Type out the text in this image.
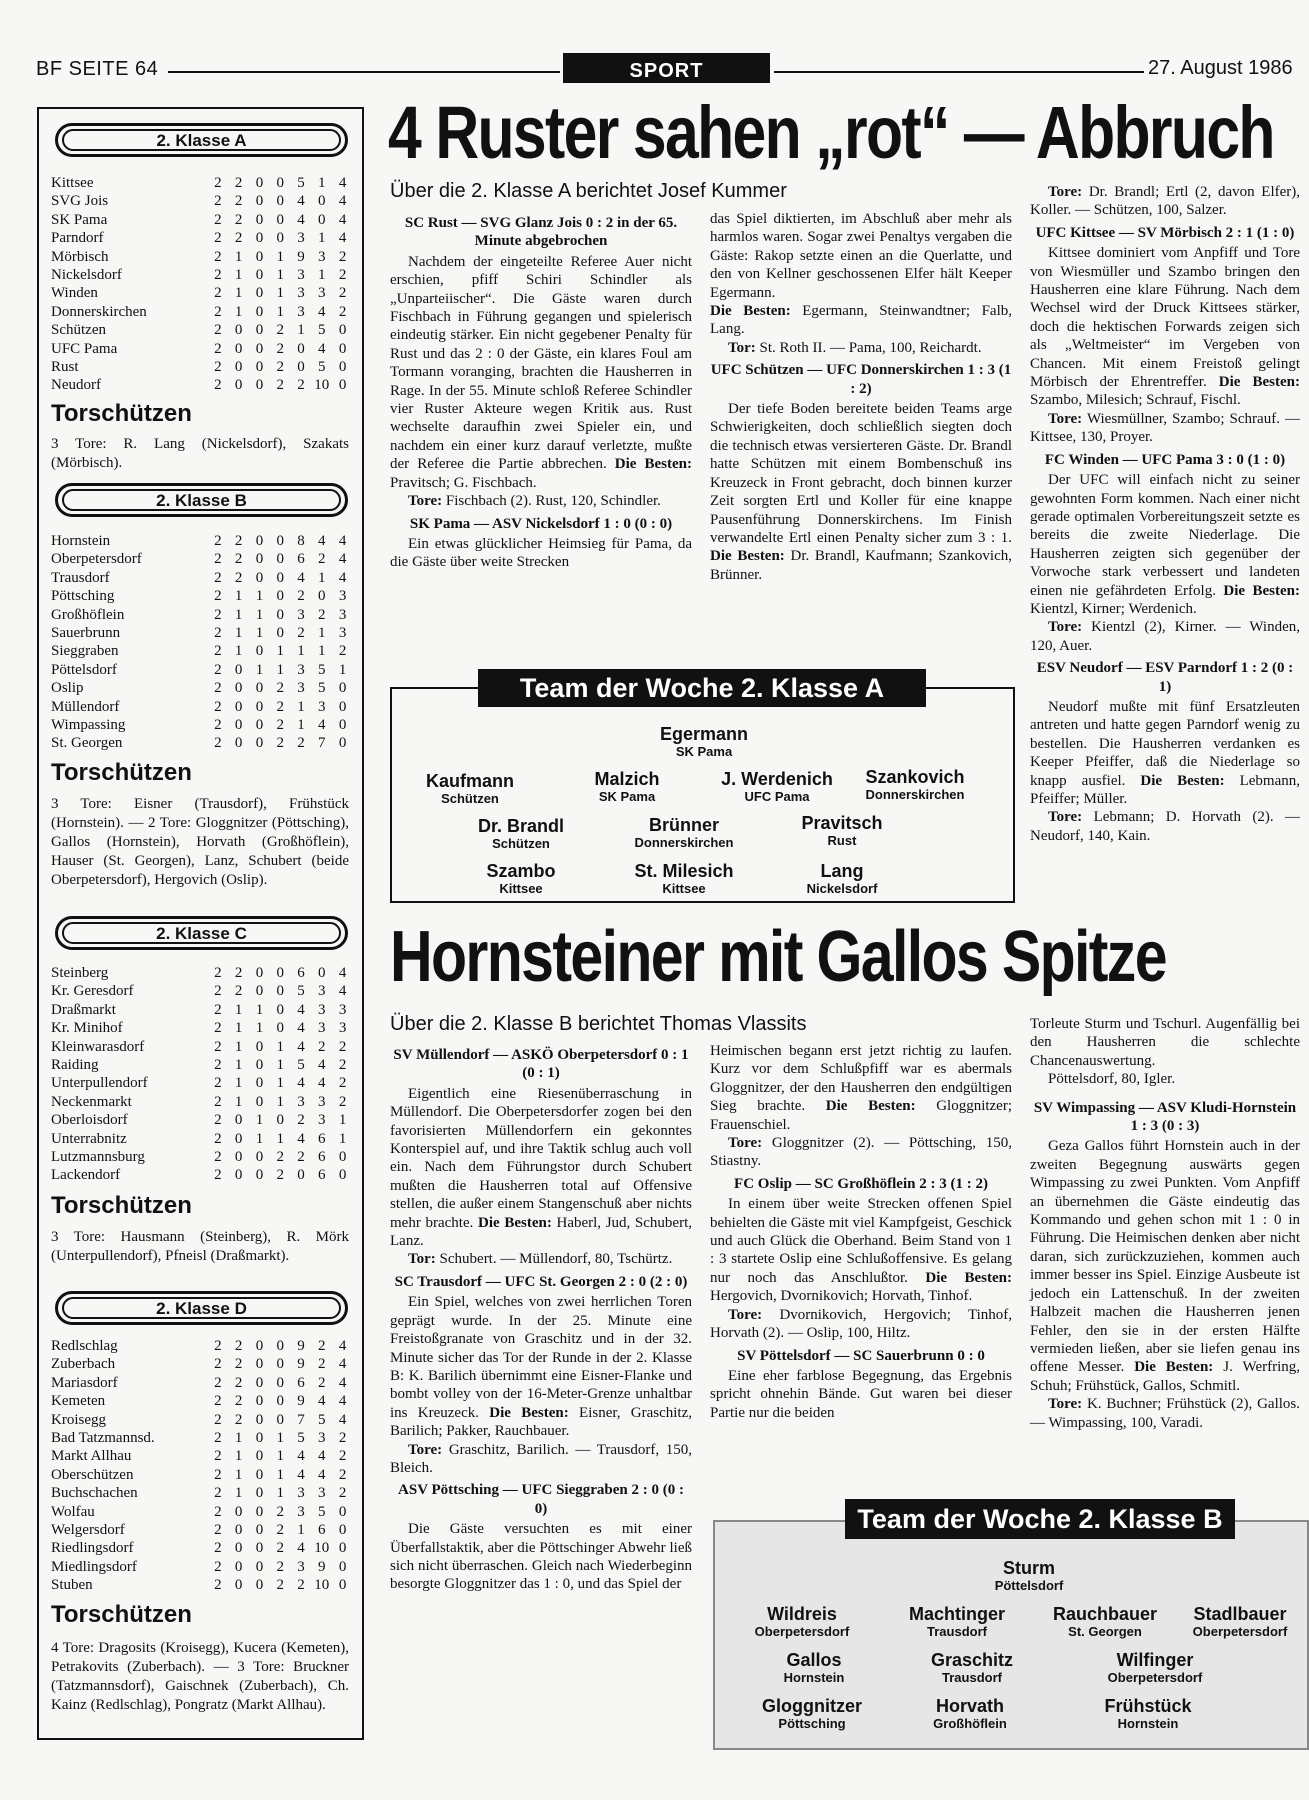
BF SEITE 64	SPORT	27. August 1986
2. Klasse A
Kittsee	2	2	0	0	5	1	4
SVG Jois	2	2	0	0	4	0	4
SK Pama	2	2	0	0	4	0	4
Parndorf	2	2	0	0	3	1	4
Mörbisch	2	1	0	1	9	3	2
Nickelsdorf	2	1	0	1	3	1	2
Winden	2	1	0	1	3	3	2
Donnerskirchen	2	1	0	1	3	4	2
Schützen	2	0	0	2	1	5	0
UFC Pama	2	0	0	2	0	4	0
Rust	2	0	0	2	0	5	0
Neudorf	2	0	0	2	2	10	0
Torschützen
3 Tore: R. Lang (Nickelsdorf), Szakats (Mörbisch).
2. Klasse B
Hornstein	2	2	0	0	8	4	4
Oberpetersdorf	2	2	0	0	6	2	4
Trausdorf	2	2	0	0	4	1	4
Pöttsching	2	1	1	0	2	0	3
Großhöflein	2	1	1	0	3	2	3
Sauerbrunn	2	1	1	0	2	1	3
Sieggraben	2	1	0	1	1	1	2
Pöttelsdorf	2	0	1	1	3	5	1
Oslip	2	0	0	2	3	5	0
Müllendorf	2	0	0	2	1	3	0
Wimpassing	2	0	0	2	1	4	0
St. Georgen	2	0	0	2	2	7	0
Torschützen
3 Tore: Eisner (Trausdorf), Frühstück (Hornstein). — 2 Tore: Gloggnitzer (Pöttsching), Gallos (Hornstein), Horvath (Großhöflein), Hauser (St. Georgen), Lanz, Schubert (beide Oberpetersdorf), Hergovich (Oslip).
2. Klasse C
Steinberg	2	2	0	0	6	0	4
Kr. Geresdorf	2	2	0	0	5	3	4
Draßmarkt	2	1	1	0	4	3	3
Kr. Minihof	2	1	1	0	4	3	3
Kleinwarasdorf	2	1	0	1	4	2	2
Raiding	2	1	0	1	5	4	2
Unterpullendorf	2	1	0	1	4	4	2
Neckenmarkt	2	1	0	1	3	3	2
Oberloisdorf	2	0	1	0	2	3	1
Unterrabnitz	2	0	1	1	4	6	1
Lutzmannsburg	2	0	0	2	2	6	0
Lackendorf	2	0	0	2	0	6	0
Torschützen
3 Tore: Hausmann (Steinberg), R. Mörk (Unterpullendorf), Pfneisl (Draßmarkt).
2. Klasse D
Redlschlag	2	2	0	0	9	2	4
Zuberbach	2	2	0	0	9	2	4
Mariasdorf	2	2	0	0	6	2	4
Kemeten	2	2	0	0	9	4	4
Kroisegg	2	2	0	0	7	5	4
Bad Tatzmannsd.	2	1	0	1	5	3	2
Markt Allhau	2	1	0	1	4	4	2
Oberschützen	2	1	0	1	4	4	2
Buchschachen	2	1	0	1	3	3	2
Wolfau	2	0	0	2	3	5	0
Welgersdorf	2	0	0	2	1	6	0
Riedlingsdorf	2	0	0	2	4	10	0
Miedlingsdorf	2	0	0	2	3	9	0
Stuben	2	0	0	2	2	10	0
Torschützen
4 Tore: Dragosits (Kroisegg), Kucera (Kemeten), Petrakovits (Zuberbach). — 3 Tore: Bruckner (Tatzmannsdorf), Gaischnek (Zuberbach), Ch. Kainz (Redlschlag), Pongratz (Markt Allhau).
4 Ruster sahen „rot“ — Abbruch
Über die 2. Klasse A berichtet Josef Kummer
SC Rust — SVG Glanz Jois 0 : 2 in der 65. Minute abgebrochen

Nachdem der eingeteilte Referee Auer nicht erschien, pfiff Schiri Schindler als „Unparteiischer“. Die Gäste waren durch Fischbach in Führung gegangen und spielerisch eindeutig stärker. Ein nicht gegebener Penalty für Rust und das 2 : 0 der Gäste, ein klares Foul am Tormann voranging, brachten die Hausherren in Rage. In der 55. Minute schloß Referee Schindler vier Ruster Akteure wegen Kritik aus. Rust wechselte daraufhin zwei Spieler ein, und nachdem ein einer kurz darauf verletzte, mußte der Referee die Partie abbrechen. Die Besten: Pravitsch; G. Fischbach.

Tore: Fischbach (2). Rust, 120, Schindler.

SK Pama — ASV Nickelsdorf 1 : 0 (0 : 0)

Ein etwas glücklicher Heimsieg für Pama, da die Gäste über weite Strecken

das Spiel diktierten, im Abschluß aber mehr als harmlos waren. Sogar zwei Penaltys vergaben die Gäste: Rakop setzte einen an die Querlatte, und den von Kellner geschossenen Elfer hält Keeper Egermann.

Die Besten: Egermann, Steinwandtner; Falb, Lang.

Tor: St. Roth II. — Pama, 100, Reichardt.

UFC Schützen — UFC Donnerskirchen 1 : 3 (1 : 2)

Der tiefe Boden bereitete beiden Teams arge Schwierigkeiten, doch schließlich siegten doch die technisch etwas versierteren Gäste. Dr. Brandl hatte Schützen mit einem Bombenschuß ins Kreuzeck in Front gebracht, doch binnen kurzer Zeit sorgten Ertl und Koller für eine knappe Pausenführung Donnerskirchens. Im Finish verwandelte Ertl einen Penalty sicher zum 3 : 1. Die Besten: Dr. Brandl, Kaufmann; Szankovich, Brünner.

Tore: Dr. Brandl; Ertl (2, davon Elfer), Koller. — Schützen, 100, Salzer.

UFC Kittsee — SV Mörbisch 2 : 1 (1 : 0)

Kittsee dominiert vom Anpfiff und Tore von Wiesmüller und Szambo bringen den Hausherren eine klare Führung. Nach dem Wechsel wird der Druck Kittsees stärker, doch die hektischen Forwards zeigen sich als „Weltmeister“ im Vergeben von Chancen. Mit einem Freistoß gelingt Mörbisch der Ehrentreffer. Die Besten: Szambo, Milesich; Schrauf, Fischl.

Tore: Wiesmüllner, Szambo; Schrauf. — Kittsee, 130, Proyer.

FC Winden — UFC Pama 3 : 0 (1 : 0)

Der UFC will einfach nicht zu seiner gewohnten Form kommen. Nach einer nicht gerade optimalen Vorbereitungszeit setzte es bereits die zweite Niederlage. Die Hausherren zeigten sich gegenüber der Vorwoche stark verbessert und landeten einen nie gefährdeten Erfolg. Die Besten: Kientzl, Kirner; Werdenich.

Tore: Kientzl (2), Kirner. — Winden, 120, Auer.

ESV Neudorf — ESV Parndorf 1 : 2 (0 : 1)

Neudorf mußte mit fünf Ersatzleuten antreten und hatte gegen Parndorf wenig zu bestellen. Die Hausherren verdanken es Keeper Pfeiffer, daß die Niederlage so knapp ausfiel. Die Besten: Lebmann, Pfeiffer; Müller.

Tore: Lebmann; D. Horvath (2). — Neudorf, 140, Kain.

Team der Woche 2. Klasse A
Egermann
SK Pama
Kaufmann
Schützen
Malzich
SK Pama
J. Werdenich
UFC Pama
Szankovich
Donnerskirchen
Dr. Brandl
Schützen
Brünner
Donnerskirchen
Pravitsch
Rust
Szambo
Kittsee
St. Milesich
Kittsee
Lang
Nickelsdorf
Hornsteiner mit Gallos Spitze
Über die 2. Klasse B berichtet Thomas Vlassits
SV Müllendorf — ASKÖ Oberpetersdorf 0 : 1 (0 : 1)

Eigentlich eine Riesenüberraschung in Müllendorf. Die Oberpetersdorfer zogen bei den favorisierten Müllendorfern ein gekonntes Konterspiel auf, und ihre Taktik schlug auch voll ein. Nach dem Führungstor durch Schubert mußten die Hausherren total auf Offensive stellen, die außer einem Stangenschuß aber nichts mehr brachte. Die Besten: Haberl, Jud, Schubert, Lanz.

Tor: Schubert. — Müllendorf, 80, Tschürtz.

SC Trausdorf — UFC St. Georgen 2 : 0 (2 : 0)

Ein Spiel, welches von zwei herrlichen Toren geprägt wurde. In der 25. Minute eine Freistoßgranate von Graschitz und in der 32. Minute sicher das Tor der Runde in der 2. Klasse B: K. Barilich übernimmt eine Eisner-Flanke und bombt volley von der 16-Meter-Grenze unhaltbar ins Kreuzeck. Die Besten: Eisner, Graschitz, Barilich; Pakker, Rauchbauer.

Tore: Graschitz, Barilich. — Trausdorf, 150, Bleich.

ASV Pöttsching — UFC Sieggraben 2 : 0 (0 : 0)

Die Gäste versuchten es mit einer Überfallstaktik, aber die Pöttschinger Abwehr ließ sich nicht überraschen. Gleich nach Wiederbeginn besorgte Gloggnitzer das 1 : 0, und das Spiel der

Heimischen begann erst jetzt richtig zu laufen. Kurz vor dem Schlußpfiff war es abermals Gloggnitzer, der den Hausherren den endgültigen Sieg brachte. Die Besten: Gloggnitzer; Frauenschiel.

Tore: Gloggnitzer (2). — Pöttsching, 150, Stiastny.

FC Oslip — SC Großhöflein 2 : 3 (1 : 2)

In einem über weite Strecken offenen Spiel behielten die Gäste mit viel Kampfgeist, Geschick und auch Glück die Oberhand. Beim Stand von 1 : 3 startete Oslip eine Schlußoffensive. Es gelang nur noch das Anschlußtor. Die Besten: Hergovich, Dvornikovich; Horvath, Tinhof.

Tore: Dvornikovich, Hergovich; Tinhof, Horvath (2). — Oslip, 100, Hiltz.

SV Pöttelsdorf — SC Sauerbrunn 0 : 0

Eine eher farblose Begegnung, das Ergebnis spricht ohnehin Bände. Gut waren bei dieser Partie nur die beiden

Torleute Sturm und Tschurl. Augenfällig bei den Hausherren die schlechte Chancenauswertung.

Pöttelsdorf, 80, Igler.

SV Wimpassing — ASV Kludi-Hornstein 1 : 3 (0 : 3)

Geza Gallos führt Hornstein auch in der zweiten Begegnung auswärts gegen Wimpassing zu zwei Punkten. Vom Anpfiff an übernehmen die Gäste eindeutig das Kommando und gehen schon mit 1 : 0 in Führung. Die Heimischen denken aber nicht daran, sich zurückzuziehen, kommen auch immer besser ins Spiel. Einzige Ausbeute ist jedoch ein Lattenschuß. In der zweiten Halbzeit machen die Hausherren jenen Fehler, den sie in der ersten Hälfte vermieden ließen, aber sie liefen genau ins offene Messer. Die Besten: J. Werfring, Schuh; Frühstück, Gallos, Schmitl.

Tore: K. Buchner; Frühstück (2), Gallos. — Wimpassing, 100, Varadi.

Team der Woche 2. Klasse B
Sturm
Pöttelsdorf
Wildreis
Oberpetersdorf
Machtinger
Trausdorf
Rauchbauer
St. Georgen
Stadlbauer
Oberpetersdorf
Gallos
Hornstein
Graschitz
Trausdorf
Wilfinger
Oberpetersdorf
Gloggnitzer
Pöttsching
Horvath
Großhöflein
Frühstück
Hornstein
